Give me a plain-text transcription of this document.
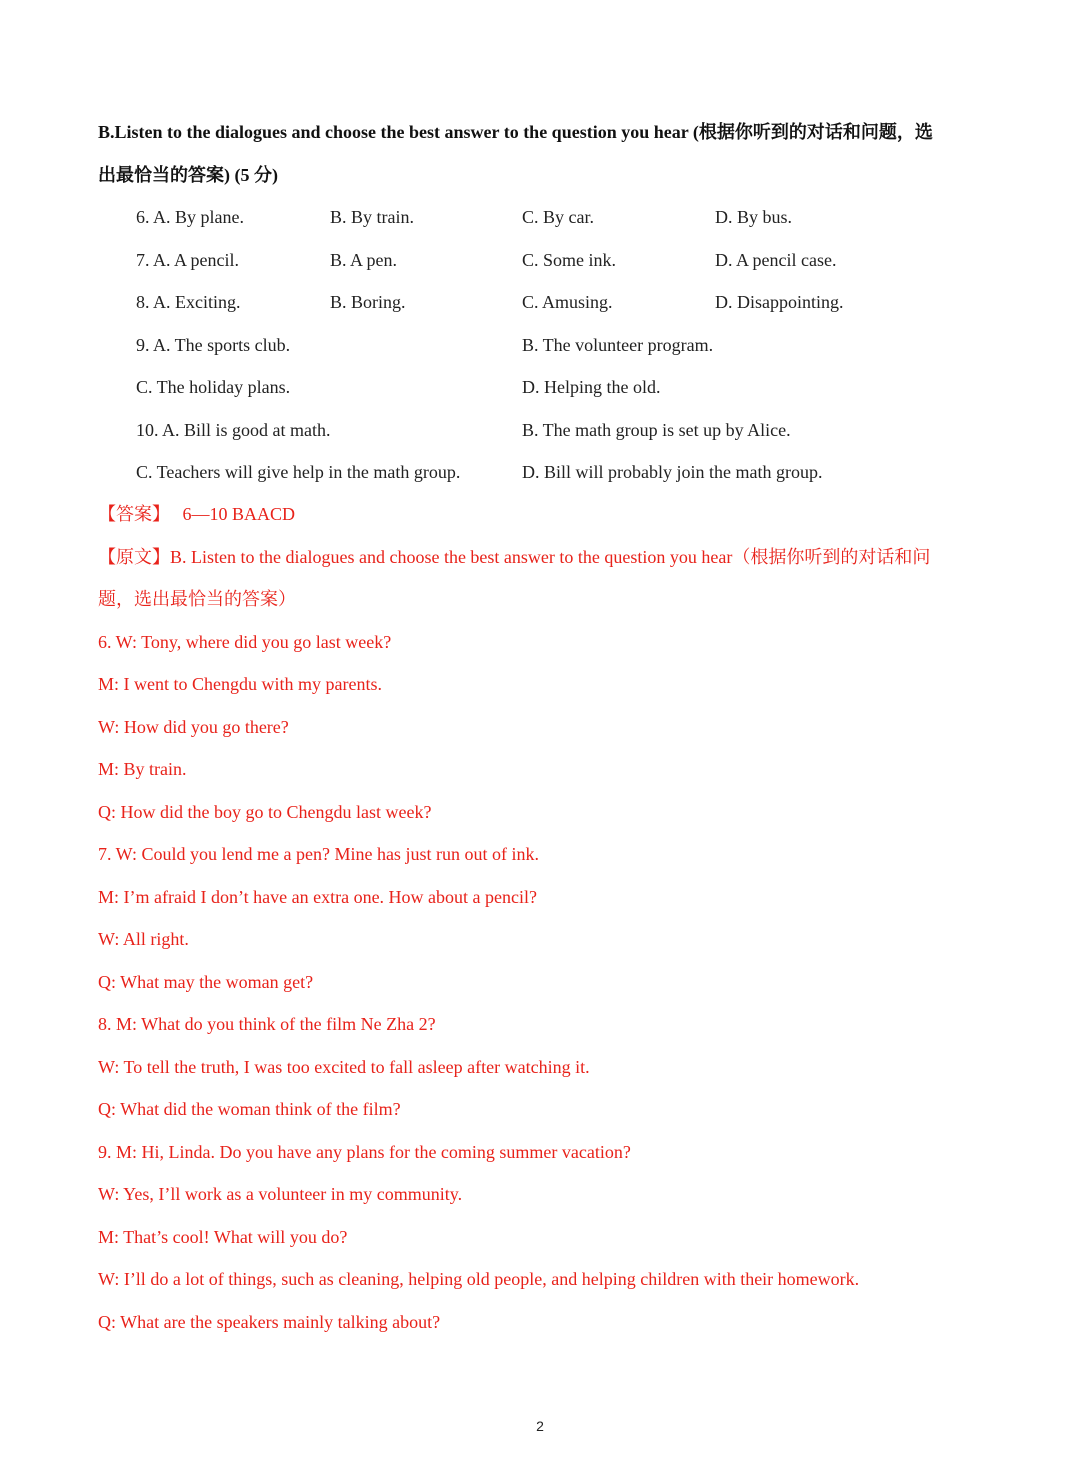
B.Listen to the dialogues and choose the best answer to the question you hear (根据你听到的对话和问题，选
出最恰当的答案) (5 分)
6. A. By plane.	B. By train.	C. By car.	D. By bus.
7. A. A pencil.	B. A pen.	C. Some ink.	D. A pencil case.
8. A. Exciting.	B. Boring.	C. Amusing.	D. Disappointing.
9. A. The sports club.	B. The volunteer program.
C. The holiday plans.	D. Helping the old.
10. A. Bill is good at math.	B. The math group is set up by Alice.
C. Teachers will give help in the math group.	D. Bill will probably join the math group.
【答案】 6—10 BAACD
【原文】B. Listen to the dialogues and choose the best answer to the question you hear（根据你听到的对话和问
题，选出最恰当的答案）
6. W: Tony, where did you go last week?
M: I went to Chengdu with my parents.
W: How did you go there?
M: By train.
Q: How did the boy go to Chengdu last week?
7. W: Could you lend me a pen? Mine has just run out of ink.
M: I’m afraid I don’t have an extra one. How about a pencil?
W: All right.
Q: What may the woman get?
8. M: What do you think of the film Ne Zha 2?
W: To tell the truth, I was too excited to fall asleep after watching it.
Q: What did the woman think of the film?
9. M: Hi, Linda. Do you have any plans for the coming summer vacation?
W: Yes, I’ll work as a volunteer in my community.
M: That’s cool! What will you do?
W: I’ll do a lot of things, such as cleaning, helping old people, and helping children with their homework.
Q: What are the speakers mainly talking about?
2
